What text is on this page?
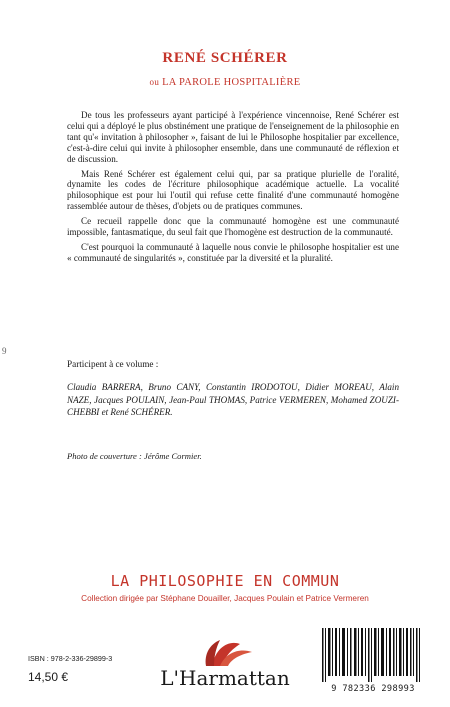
RENÉ SCHÉRER
ou LA PAROLE HOSPITALIÈRE

De tous les professeurs ayant participé à l'expérience vincennoise, René Schérer est celui qui a déployé le plus obstinément une pratique de l'enseignement de la philosophie en tant qu'« invitation à philosopher », faisant de lui le Philosophe hospitalier par excellence, c'est-à-dire celui qui invite à philosopher ensemble, dans une communauté de réflexion et de discussion.

Mais René Schérer est également celui qui, par sa pratique plurielle de l'oralité, dynamite les codes de l'écriture philosophique académique actuelle. La vocalité philosophique est pour lui l'outil qui refuse cette finalité d'une communauté homogène rassemblée autour de thèses, d'objets ou de pratiques communes.

Ce recueil rappelle donc que la communauté homogène est une communauté impossible, fantasmatique, du seul fait que l'homogène est destruction de la communauté.

C'est pourquoi la communauté à laquelle nous convie le philosophe hospitalier est une « communauté de singularités », constituée par la diversité et la pluralité.

9
Participent à ce volume :
Claudia BARRERA, Bruno CANY, Constantin IRODOTOU, Didier MOREAU, Alain NAZE, Jacques POULAIN, Jean-Paul THOMAS, Patrice VERMEREN, Mohamed ZOUZI-CHEBBI et René SCHÉRER.
Photo de couverture : Jérôme Cormier.
LA PHILOSOPHIE EN COMMUN
Collection dirigée par Stéphane Douailler, Jacques Poulain et Patrice Vermeren
ISBN : 978-2-336-29899-3
14,50 €	L'Harmattan	9 782336 298993
